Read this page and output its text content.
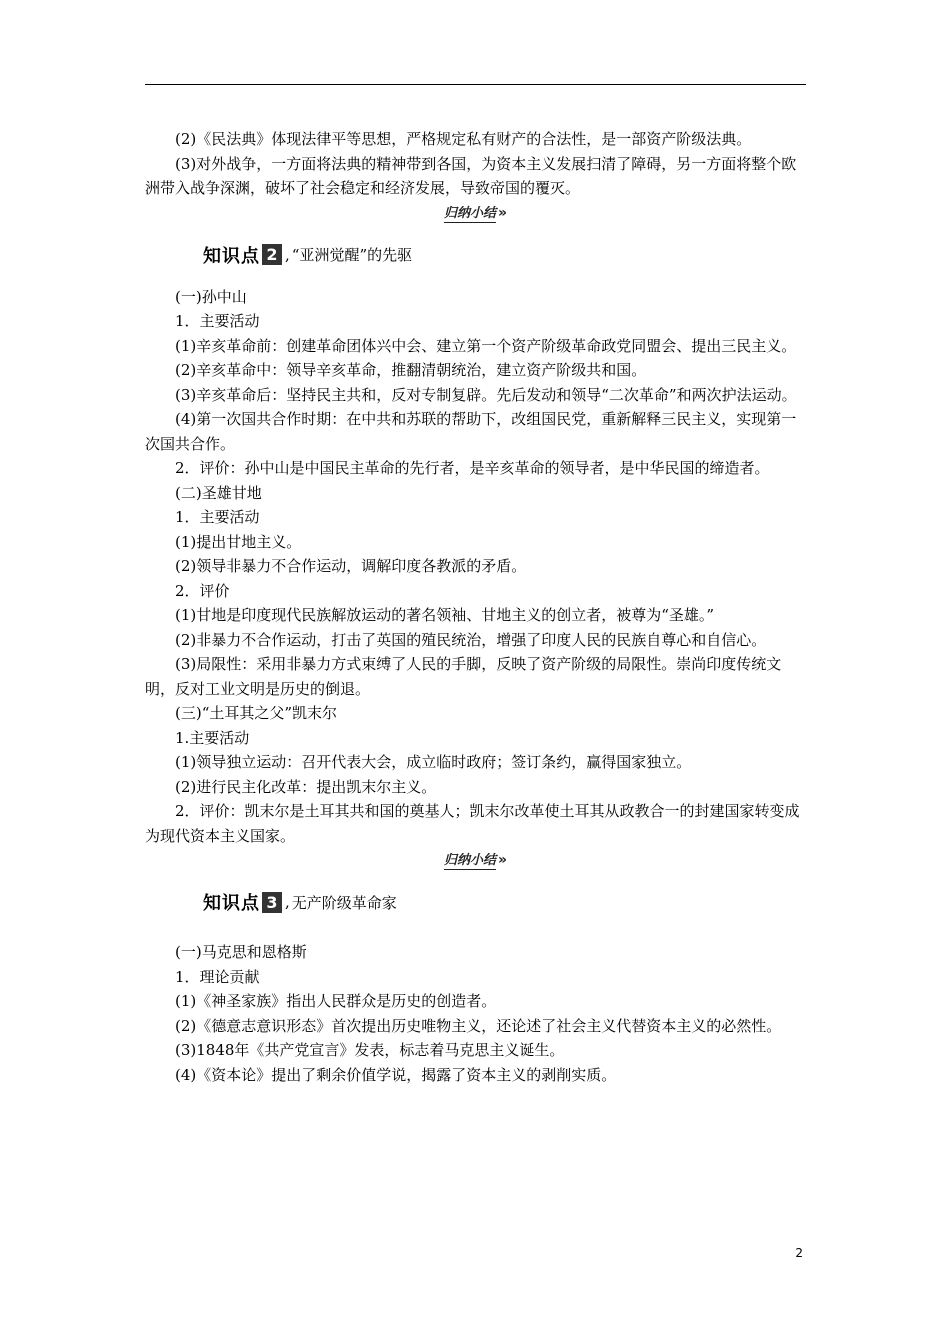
(2)《民法典》体现法律平等思想，严格规定私有财产的合法性，是一部资产阶级法典。

(3)对外战争，一方面将法典的精神带到各国，为资本主义发展扫清了障碍，另一方面将整个欧洲带入战争深渊，破坏了社会稳定和经济发展，导致帝国的覆灭。

归纳小结 »
知识点 2 , “亚洲觉醒”的先驱

(一)孙中山

1．主要活动

(1)辛亥革命前：创建革命团体兴中会、建立第一个资产阶级革命政党同盟会、提出三民主义。

(2)辛亥革命中：领导辛亥革命，推翻清朝统治，建立资产阶级共和国。

(3)辛亥革命后：坚持民主共和，反对专制复辟。先后发动和领导“二次革命”和两次护法运动。

(4)第一次国共合作时期：在中共和苏联的帮助下，改组国民党，重新解释三民主义，实现第一次国共合作。

2．评价：孙中山是中国民主革命的先行者，是辛亥革命的领导者，是中华民国的缔造者。

(二)圣雄甘地

1．主要活动

(1)提出甘地主义。

(2)领导非暴力不合作运动，调解印度各教派的矛盾。

2．评价

(1)甘地是印度现代民族解放运动的著名领袖、甘地主义的创立者，被尊为“圣雄。”

(2)非暴力不合作运动，打击了英国的殖民统治，增强了印度人民的民族自尊心和自信心。

(3)局限性：采用非暴力方式束缚了人民的手脚，反映了资产阶级的局限性。崇尚印度传统文明，反对工业文明是历史的倒退。

(三)“土耳其之父”凯末尔

1.主要活动

(1)领导独立运动：召开代表大会，成立临时政府；签订条约，赢得国家独立。

(2)进行民主化改革：提出凯末尔主义。

2．评价：凯末尔是土耳其共和国的奠基人；凯末尔改革使土耳其从政教合一的封建国家转变成为现代资本主义国家。

归纳小结 »
知识点 3 , 无产阶级革命家

(一)马克思和恩格斯

1．理论贡献

(1)《神圣家族》指出人民群众是历史的创造者。

(2)《德意志意识形态》首次提出历史唯物主义，还论述了社会主义代替资本主义的必然性。

(3)1848年《共产党宣言》发表，标志着马克思主义诞生。

(4)《资本论》提出了剩余价值学说，揭露了资本主义的剥削实质。

2
